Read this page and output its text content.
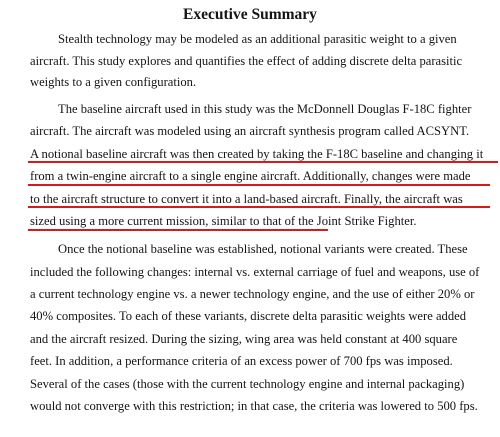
Executive Summary
Stealth technology may be modeled as an additional parasitic weight to a given
aircraft. This study explores and quantifies the effect of adding discrete delta parasitic
weights to a given configuration.
The baseline aircraft used in this study was the McDonnell Douglas F-18C fighter
aircraft. The aircraft was modeled using an aircraft synthesis program called ACSYNT.
A notional baseline aircraft was then created by taking the F-18C baseline and changing it
from a twin-engine aircraft to a single engine aircraft. Additionally, changes were made
to the aircraft structure to convert it into a land-based aircraft. Finally, the aircraft was
sized using a more current mission, similar to that of the Joint Strike Fighter.
Once the notional baseline was established, notional variants were created. These
included the following changes: internal vs. external carriage of fuel and weapons, use of
a current technology engine vs. a newer technology engine, and the use of either 20% or
40% composites. To each of these variants, discrete delta parasitic weights were added
and the aircraft resized. During the sizing, wing area was held constant at 400 square
feet. In addition, a performance criteria of an excess power of 700 fps was imposed.
Several of the cases (those with the current technology engine and internal packaging)
would not converge with this restriction; in that case, the criteria was lowered to 500 fps.
